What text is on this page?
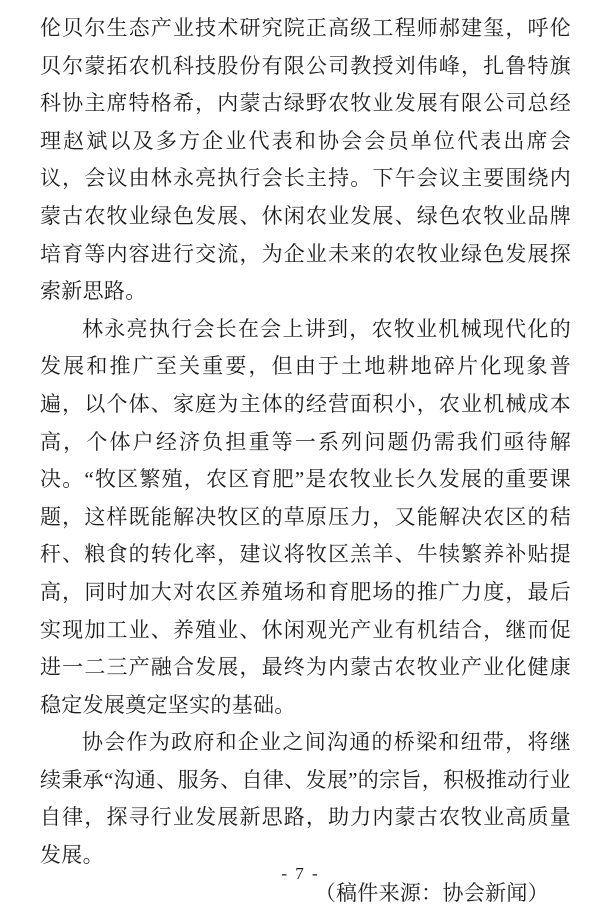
伦贝尔生态产业技术研究院正高级工程师郝建玺，呼伦贝尔蒙拓农机科技股份有限公司教授刘伟峰，扎鲁特旗科协主席特格希，内蒙古绿野农牧业发展有限公司总经理赵斌以及多方企业代表和协会会员单位代表出席会议，会议由林永亮执行会长主持。下午会议主要围绕内蒙古农牧业绿色发展、休闲农业发展、绿色农牧业品牌培育等内容进行交流，为企业未来的农牧业绿色发展探索新思路。

林永亮执行会长在会上讲到，农牧业机械现代化的发展和推广至关重要，但由于土地耕地碎片化现象普遍，以个体、家庭为主体的经营面积小，农业机械成本高，个体户经济负担重等一系列问题仍需我们亟待解决。“牧区繁殖，农区育肥”是农牧业长久发展的重要课题，这样既能解决牧区的草原压力，又能解决农区的秸秆、粮食的转化率，建议将牧区羔羊、牛犊繁养补贴提高，同时加大对农区养殖场和育肥场的推广力度，最后实现加工业、养殖业、休闲观光产业有机结合，继而促进一二三产融合发展，最终为内蒙古农牧业产业化健康稳定发展奠定坚实的基础。

协会作为政府和企业之间沟通的桥梁和纽带，将继续秉承“沟通、服务、自律、发展”的宗旨，积极推动行业自律，探寻行业发展新思路，助力内蒙古农牧业高质量发展。

（稿件来源：协会新闻）

- 7 -
